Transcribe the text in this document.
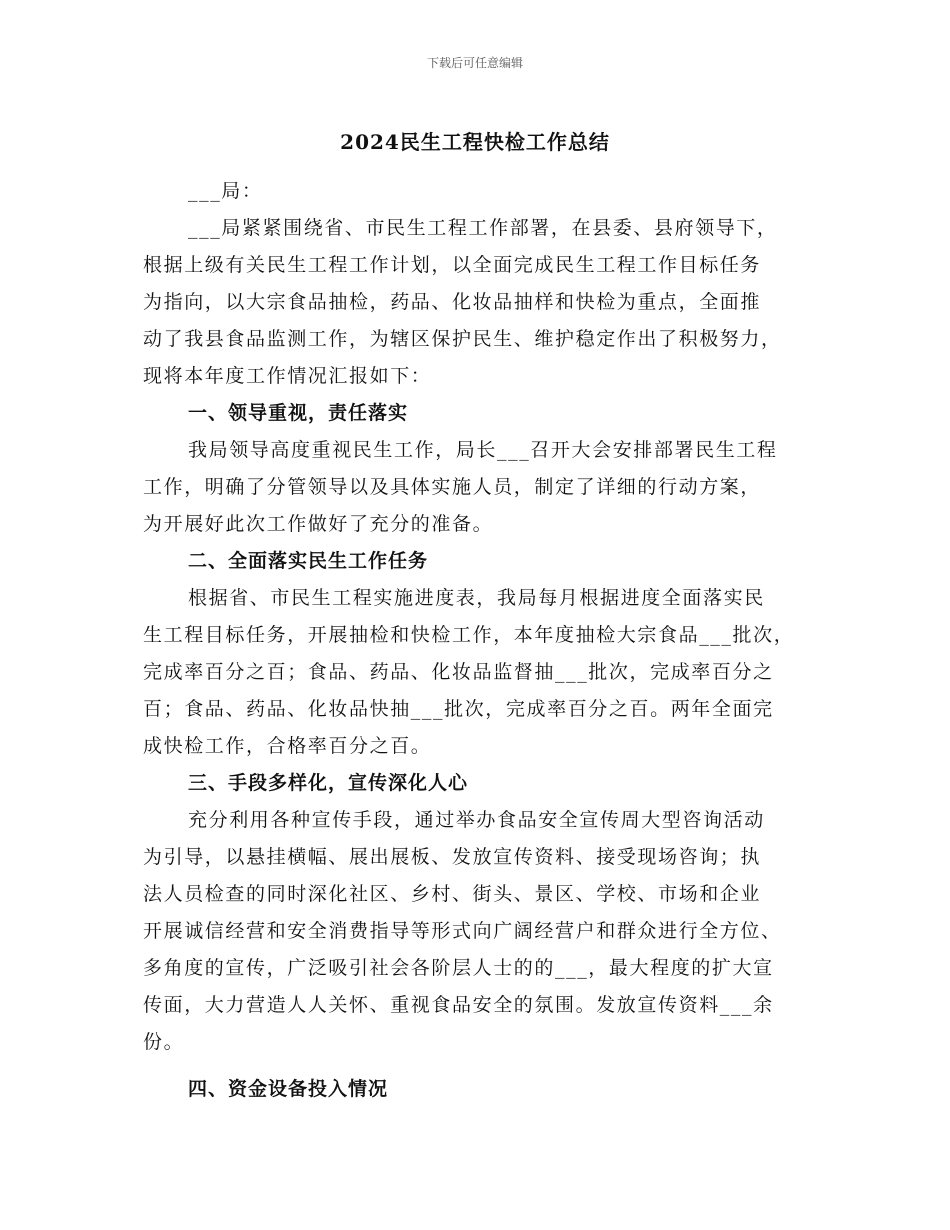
下载后可任意编辑
2024民生工程快检工作总结
___局：
___局紧紧围绕省、市民生工程工作部署，在县委、县府领导下，
根据上级有关民生工程工作计划，以全面完成民生工程工作目标任务
为指向，以大宗食品抽检，药品、化妆品抽样和快检为重点，全面推
动了我县食品监测工作，为辖区保护民生、维护稳定作出了积极努力，
现将本年度工作情况汇报如下：
一、领导重视，责任落实
我局领导高度重视民生工作，局长___召开大会安排部署民生工程
工作，明确了分管领导以及具体实施人员，制定了详细的行动方案，
为开展好此次工作做好了充分的准备。
二、全面落实民生工作任务
根据省、市民生工程实施进度表，我局每月根据进度全面落实民
生工程目标任务，开展抽检和快检工作，本年度抽检大宗食品___批次，
完成率百分之百；食品、药品、化妆品监督抽___批次，完成率百分之
百；食品、药品、化妆品快抽___批次，完成率百分之百。两年全面完
成快检工作，合格率百分之百。
三、手段多样化，宣传深化人心
充分利用各种宣传手段，通过举办食品安全宣传周大型咨询活动
为引导，以悬挂横幅、展出展板、发放宣传资料、接受现场咨询；执
法人员检查的同时深化社区、乡村、街头、景区、学校、市场和企业
开展诚信经营和安全消费指导等形式向广阔经营户和群众进行全方位、
多角度的宣传，广泛吸引社会各阶层人士的的___，最大程度的扩大宣
传面，大力营造人人关怀、重视食品安全的氛围。发放宣传资料___余
份。
四、资金设备投入情况
